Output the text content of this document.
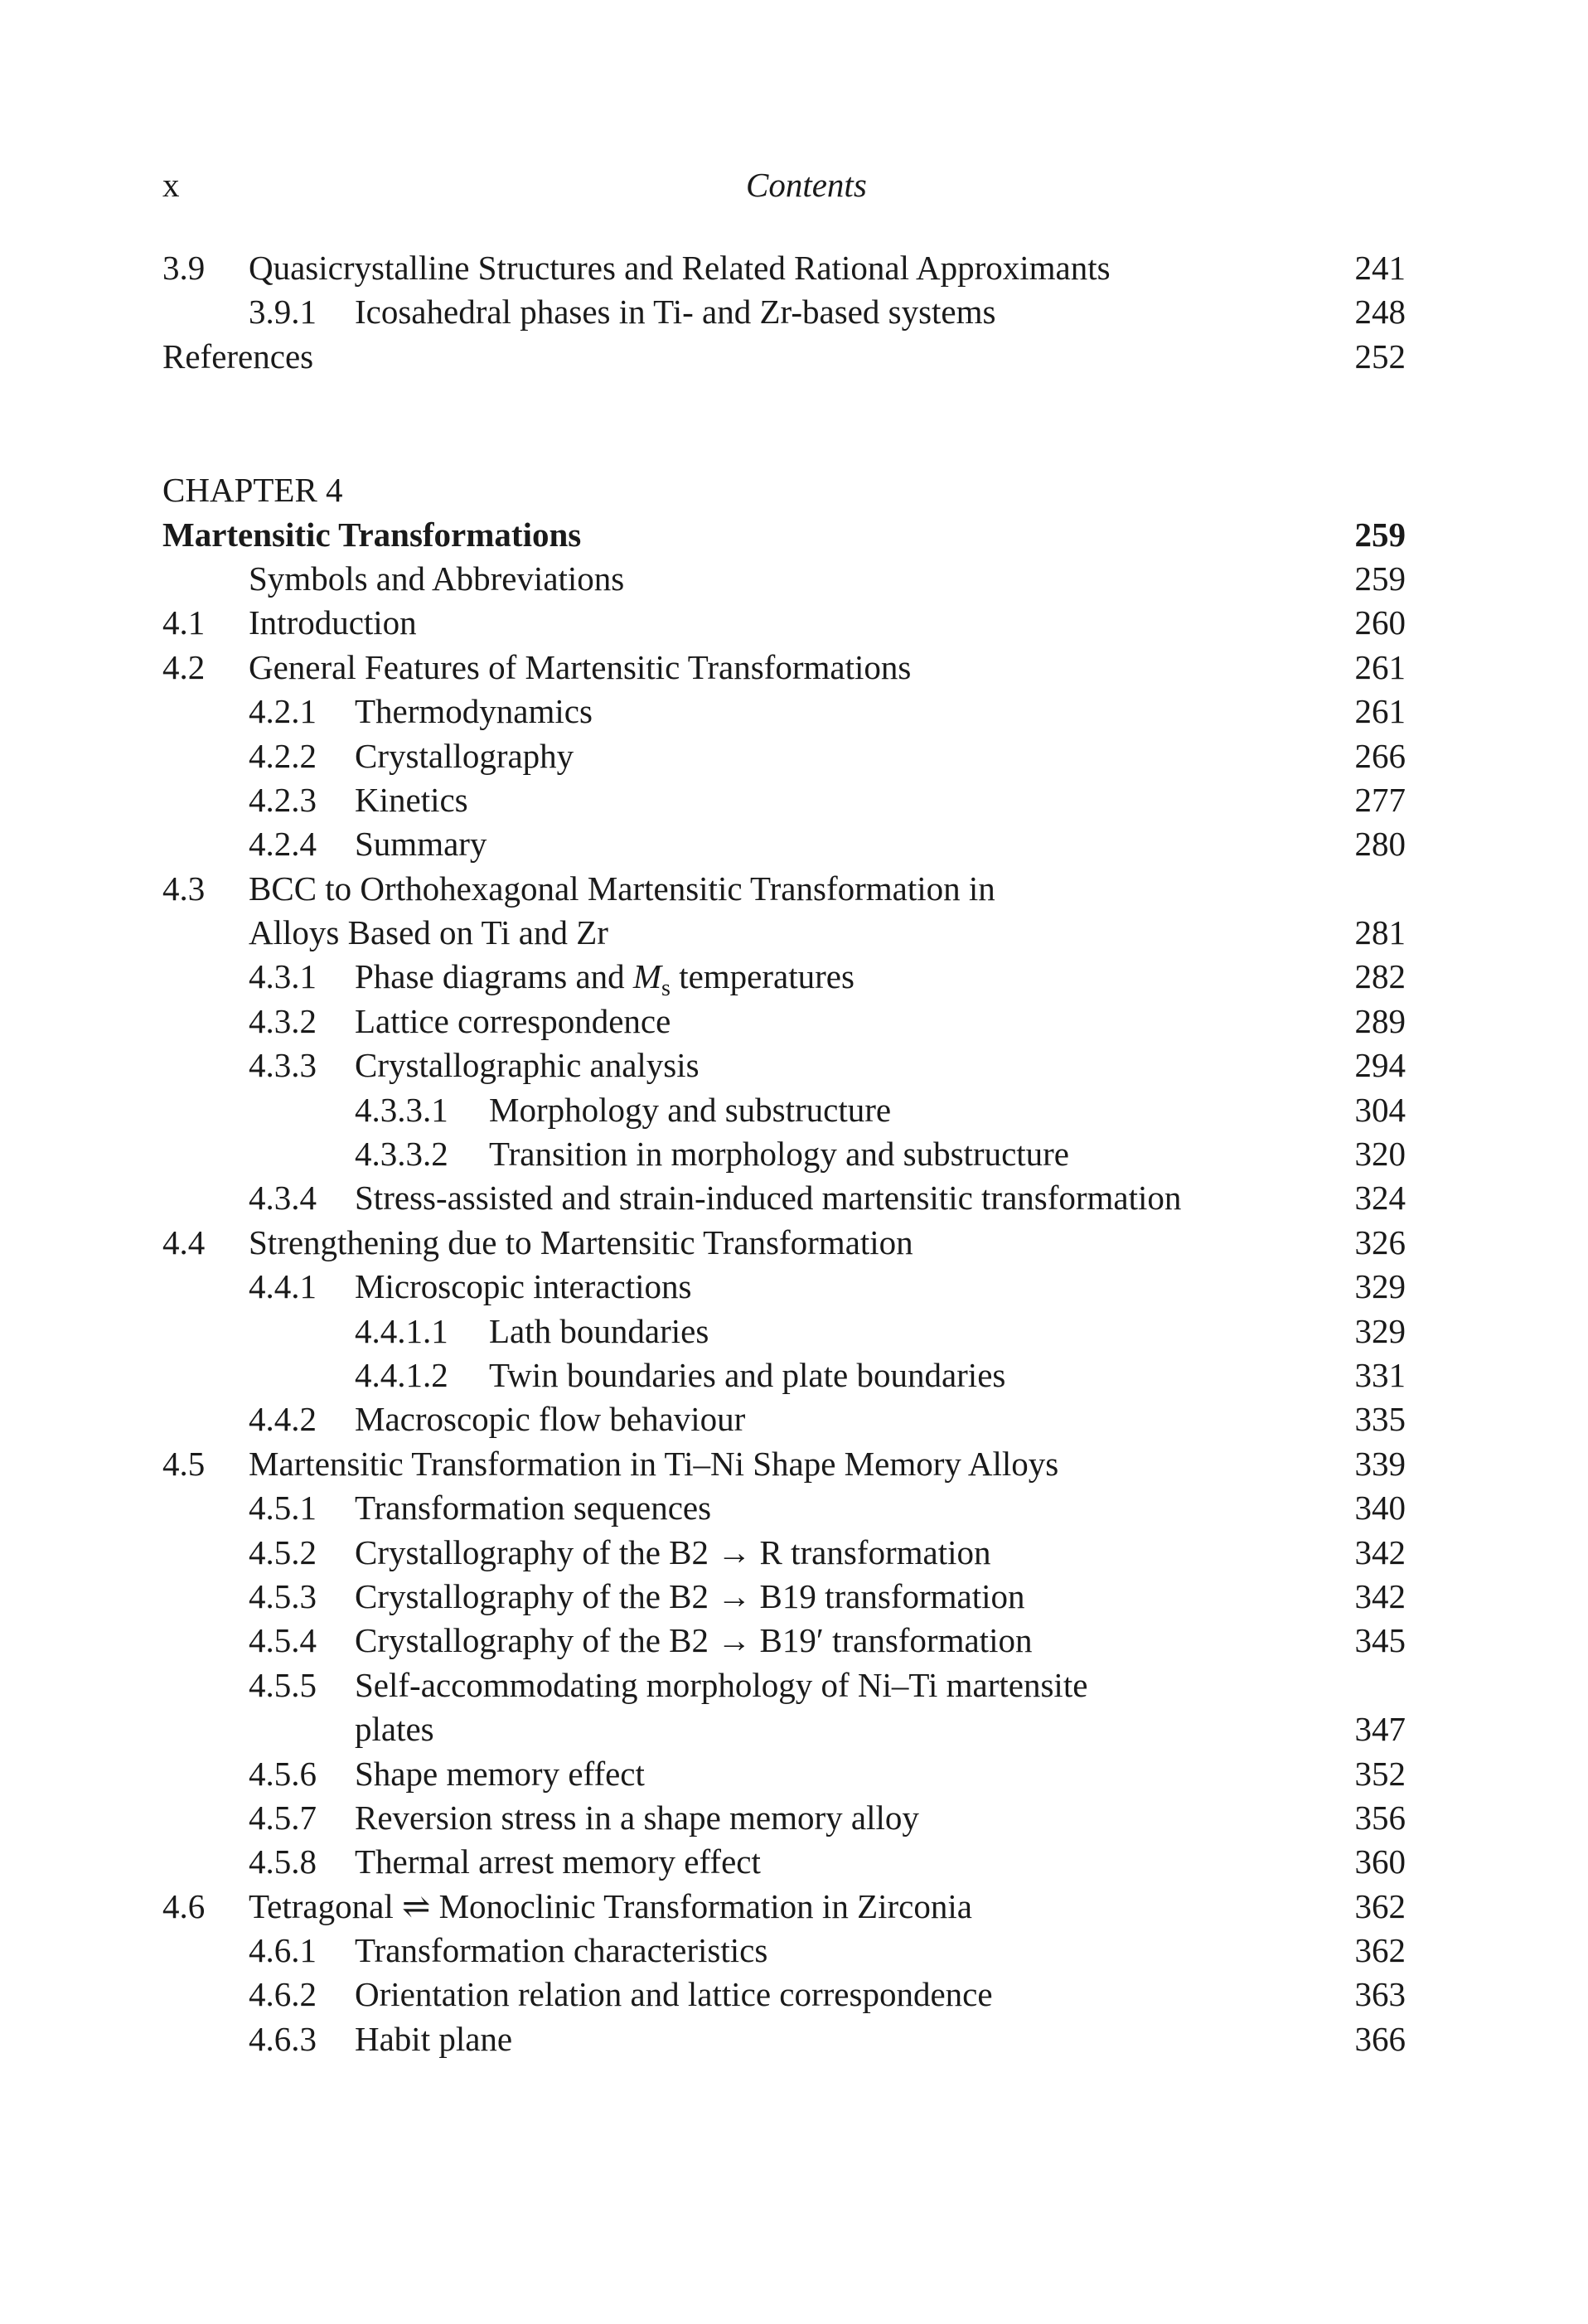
x	Contents
3.9 Quasicrystalline Structures and Related Rational Approximants	241
3.9.1 Icosahedral phases in Ti- and Zr-based systems	248
References	252
CHAPTER 4
Martensitic Transformations	259
Symbols and Abbreviations	259
4.1 Introduction	260
4.2 General Features of Martensitic Transformations	261
4.2.1 Thermodynamics	261
4.2.2 Crystallography	266
4.2.3 Kinetics	277
4.2.4 Summary	280
4.3 BCC to Orthohexagonal Martensitic Transformation in
Alloys Based on Ti and Zr	281
4.3.1 Phase diagrams and $M_s$ temperatures	282
4.3.2 Lattice correspondence	289
4.3.3 Crystallographic analysis	294
4.3.3.1 Morphology and substructure	304
4.3.3.2 Transition in morphology and substructure	320
4.3.4 Stress-assisted and strain-induced martensitic transformation	324
4.4 Strengthening due to Martensitic Transformation	326
4.4.1 Microscopic interactions	329
4.4.1.1 Lath boundaries	329
4.4.1.2 Twin boundaries and plate boundaries	331
4.4.2 Macroscopic flow behaviour	335
4.5 Martensitic Transformation in Ti–Ni Shape Memory Alloys	339
4.5.1 Transformation sequences	340
4.5.2 Crystallography of the B2 → R transformation	342
4.5.3 Crystallography of the B2 → B19 transformation	342
4.5.4 Crystallography of the B2 → B19′ transformation	345
4.5.5 Self-accommodating morphology of Ni–Ti martensite
plates	347
4.5.6 Shape memory effect	352
4.5.7 Reversion stress in a shape memory alloy	356
4.5.8 Thermal arrest memory effect	360
4.6 Tetragonal ⇌ Monoclinic Transformation in Zirconia	362
4.6.1 Transformation characteristics	362
4.6.2 Orientation relation and lattice correspondence	363
4.6.3 Habit plane	366
